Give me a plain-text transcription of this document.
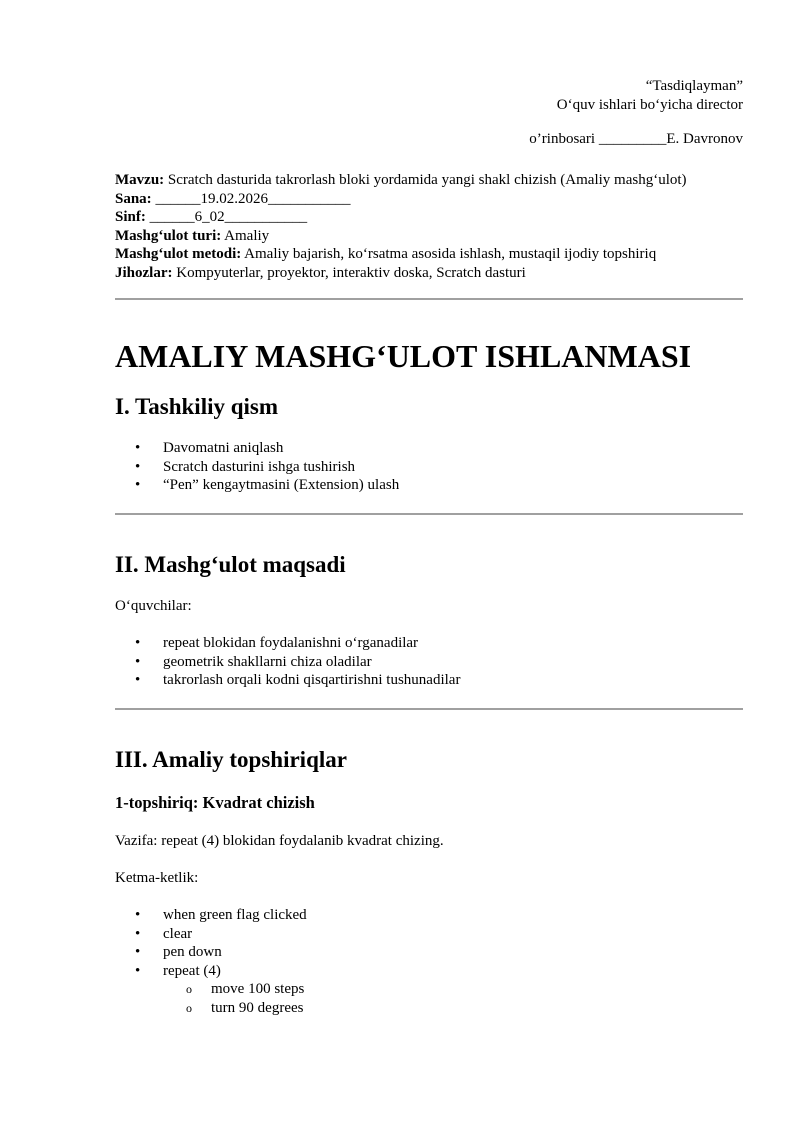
“Tasdiqlayman”
O‘quv ishlari bo‘yicha director
o’rinbosari _________E. Davronov
Mavzu: Scratch dasturida takrorlash bloki yordamida yangi shakl chizish (Amaliy mashg‘ulot)
Sana: ______19.02.2026___________
Sinf: ______6_02___________
Mashg‘ulot turi: Amaliy
Mashg‘ulot metodi: Amaliy bajarish, ko‘rsatma asosida ishlash, mustaqil ijodiy topshiriq
Jihozlar: Kompyuterlar, proyektor, interaktiv doska, Scratch dasturi
AMALIY MASHG‘ULOT ISHLANMASI
I. Tashkiliy qism
• Davomatni aniqlash
• Scratch dasturini ishga tushirish
• “Pen” kengaytmasini (Extension) ulash
II. Mashg‘ulot maqsadi

O‘quvchilar:

• repeat blokidan foydalanishni o‘rganadilar
• geometrik shakllarni chiza oladilar
• takrorlash orqali kodni qisqartirishni tushunadilar
III. Amaliy topshiriqlar
1-topshiriq: Kvadrat chizish

Vazifa: repeat (4) blokidan foydalanib kvadrat chizing.

Ketma-ketlik:

• when green flag clicked
• clear
• pen down
• repeat (4)
o move 100 steps
o turn 90 degrees
